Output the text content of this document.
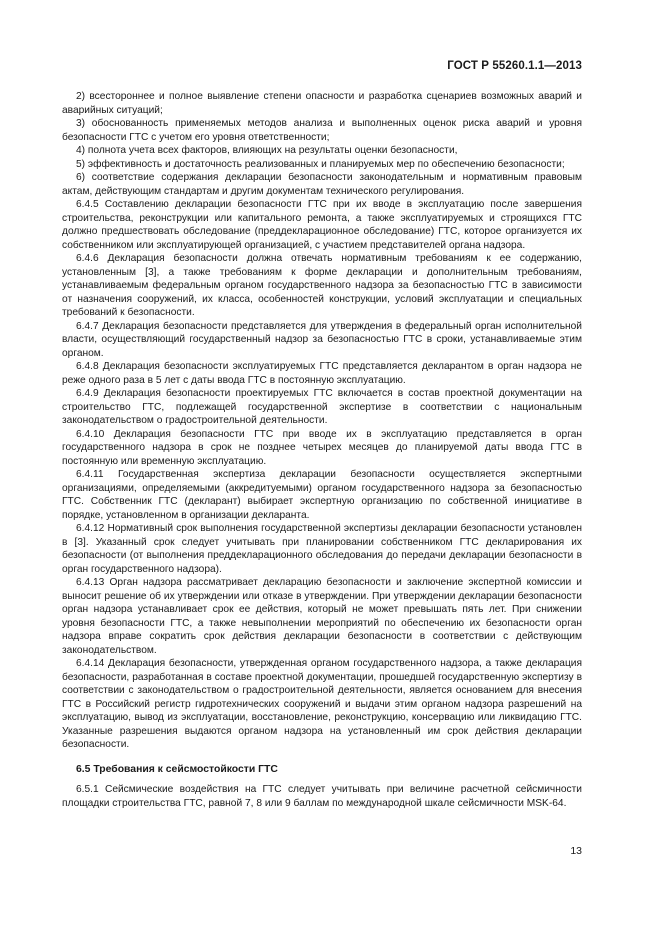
ГОСТ Р 55260.1.1—2013

2) всестороннее и полное выявление степени опасности и разработка сценариев возможных аварий и аварийных ситуаций;

3) обоснованность применяемых методов анализа и выполненных оценок риска аварий и уровня безопасности ГТС с учетом его уровня ответственности;

4) полнота учета всех факторов, влияющих на результаты оценки безопасности,

5) эффективность и достаточность реализованных и планируемых мер по обеспечению безопасности;

6) соответствие содержания декларации безопасности законодательным и нормативным правовым актам, действующим стандартам и другим документам технического регулирования.

6.4.5 Составлению декларации безопасности ГТС при их вводе в эксплуатацию после завершения строительства, реконструкции или капитального ремонта, а также эксплуатируемых и строящихся ГТС должно предшествовать обследование (преддекларационное обследование) ГТС, которое организуется их собственником или эксплуатирующей организацией, с участием представителей органа надзора.

6.4.6 Декларация безопасности должна отвечать нормативным требованиям к ее содержанию, установленным [3], а также требованиям к форме декларации и дополнительным требованиям, устанавливаемым федеральным органом государственного надзора за безопасностью ГТС в зависимости от назначения сооружений, их класса, особенностей конструкции, условий эксплуатации и специальных требований к безопасности.

6.4.7 Декларация безопасности представляется для утверждения в федеральный орган исполнительной власти, осуществляющий государственный надзор за безопасностью ГТС в сроки, устанавливаемые этим органом.

6.4.8 Декларация безопасности эксплуатируемых ГТС представляется декларантом в орган надзора не реже одного раза в 5 лет с даты ввода ГТС в постоянную эксплуатацию.

6.4.9 Декларация безопасности проектируемых ГТС включается в состав проектной документации на строительство ГТС, подлежащей государственной экспертизе в соответствии с национальным законодательством о градостроительной деятельности.

6.4.10 Декларация безопасности ГТС при вводе их в эксплуатацию представляется в орган государственного надзора в срок не позднее четырех месяцев до планируемой даты ввода ГТС в постоянную или временную эксплуатацию.

6.4.11 Государственная экспертиза декларации безопасности осуществляется экспертными организациями, определяемыми (аккредитуемыми) органом государственного надзора за безопасностью ГТС. Собственник ГТС (декларант) выбирает экспертную организацию по собственной инициативе в порядке, установленном в организации декларанта.

6.4.12 Нормативный срок выполнения государственной экспертизы декларации безопасности установлен в [3]. Указанный срок следует учитывать при планировании собственником ГТС декларирования их безопасности (от выполнения преддекларационного обследования до передачи декларации безопасности в орган государственного надзора).

6.4.13 Орган надзора рассматривает декларацию безопасности и заключение экспертной комиссии и выносит решение об их утверждении или отказе в утверждении. При утверждении декларации безопасности орган надзора устанавливает срок ее действия, который не может превышать пять лет. При снижении уровня безопасности ГТС, а также невыполнении мероприятий по обеспечению их безопасности орган надзора вправе сократить срок действия декларации безопасности в соответствии с действующим законодательством.

6.4.14 Декларация безопасности, утвержденная органом государственного надзора, а также декларация безопасности, разработанная в составе проектной документации, прошедшей государственную экспертизу в соответствии с законодательством о градостроительной деятельности, является основанием для внесения ГТС в Российский регистр гидротехнических сооружений и выдачи этим органом надзора разрешений на эксплуатацию, вывод из эксплуатации, восстановление, реконструкцию, консервацию или ликвидацию ГТС. Указанные разрешения выдаются органом надзора на установленный им срок действия декларации безопасности.

6.5 Требования к сейсмостойкости ГТС

6.5.1 Сейсмические воздействия на ГТС следует учитывать при величине расчетной сейсмичности площадки строительства ГТС, равной 7, 8 или 9 баллам по международной шкале сейсмичности MSK-64.

13
